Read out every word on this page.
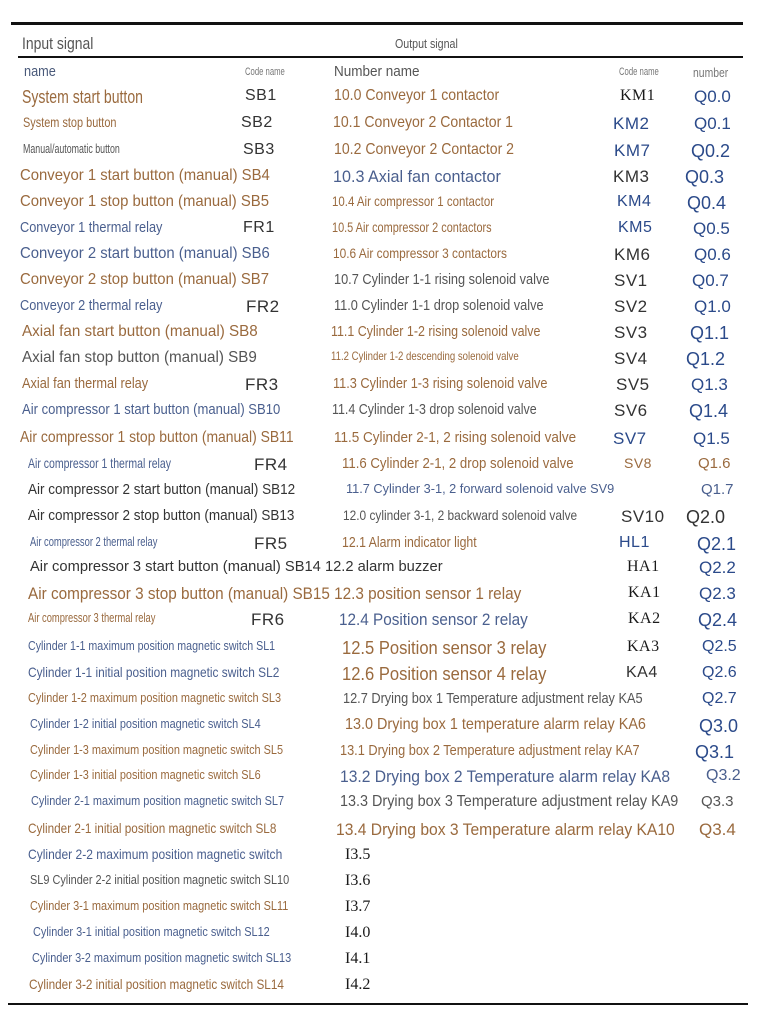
Input signal	Output signal
name	Code name	Number name	Code name	number
System start button	SB1	10.0 Conveyor 1 contactor	KM1 Q0.0
System stop button	SB2	10.1 Conveyor 2 Contactor 1	KM2	Q0.1
Manual/automatic button	SB3	10.2 Conveyor 2 Contactor 2	KM7 Q0.2
Conveyor 1 start button (manual) SB4	10.3 Axial fan contactor	KM3 Q0.3
Conveyor 1 stop button (manual) SB5	10.4 Air compressor 1 contactor	KM4 Q0.4
Conveyor 1 thermal relay	FR1	10.5 Air compressor 2 contactors	KM5 Q0.5
Conveyor 2 start button (manual) SB6	10.6 Air compressor 3 contactors	KM6	Q0.6
Conveyor 2 stop button (manual) SB7	10.7 Cylinder 1-1 rising solenoid valve	SV1	Q0.7
Conveyor 2 thermal relay	FR2	11.0 Cylinder 1-1 drop solenoid valve	SV2	Q1.0
Axial fan start button (manual) SB8	11.1 Cylinder 1-2 rising solenoid valve	SV3 Q1.1
Axial fan stop button (manual) SB9	11.2 Cylinder 1-2 descending solenoid valve	SV4 Q1.2
Axial fan thermal relay	FR3	11.3 Cylinder 1-3 rising solenoid valve	SV5 Q1.3
Air compressor 1 start button (manual) SB10	11.4 Cylinder 1-3 drop solenoid valve	SV6 Q1.4
Air compressor 1 stop button (manual) SB11	11.5 Cylinder 2-1, 2 rising solenoid valve SV7	Q1.5
Air compressor 1 thermal relay	FR4	11.6 Cylinder 2-1, 2 drop solenoid valve	SV8	Q1.6
Air compressor 2 start button (manual) SB12	11.7 Cylinder 3-1, 2 forward solenoid valve SV9	Q1.7
Air compressor 2 stop button (manual) SB13	12.0 cylinder 3-1, 2 backward solenoid valve	SV10 Q2.0
Air compressor 2 thermal relay	FR5	12.1 Alarm indicator light	HL1	Q2.1
Air compressor 3 start button (manual) SB14 12.2 alarm buzzer	HA1 Q2.2
Air compressor 3 stop button (manual) SB15 12.3 position sensor 1 relay	KA1 Q2.3
Air compressor 3 thermal relay	FR6	12.4 Position sensor 2 relay	KA2 Q2.4
Cylinder 1-1 maximum position magnetic switch SL1	12.5 Position sensor 3 relay	KA3	Q2.5
Cylinder 1-1 initial position magnetic switch SL2	12.6 Position sensor 4 relay	KA4	Q2.6
Cylinder 1-2 maximum position magnetic switch SL3	12.7 Drying box 1 Temperature adjustment relay KA5	Q2.7
Cylinder 1-2 initial position magnetic switch SL4	13.0 Drying box 1 temperature alarm relay KA6	Q3.0
Cylinder 1-3 maximum position magnetic switch SL5	13.1 Drying box 2 Temperature adjustment relay KA7	Q3.1
Cylinder 1-3 initial position magnetic switch SL6	13.2 Drying box 2 Temperature alarm relay KA8 Q3.2
Cylinder 2-1 maximum position magnetic switch SL7	13.3 Drying box 3 Temperature adjustment relay KA9 Q3.3
Cylinder 2-1 initial position magnetic switch SL8	13.4 Drying box 3 Temperature alarm relay KA10 Q3.4
Cylinder 2-2 maximum position magnetic switch	I3.5
SL9 Cylinder 2-2 initial position magnetic switch SL10	I3.6
Cylinder 3-1 maximum position magnetic switch SL11	I3.7
Cylinder 3-1 initial position magnetic switch SL12	I4.0
Cylinder 3-2 maximum position magnetic switch SL13	I4.1
Cylinder 3-2 initial position magnetic switch SL14	I4.2
